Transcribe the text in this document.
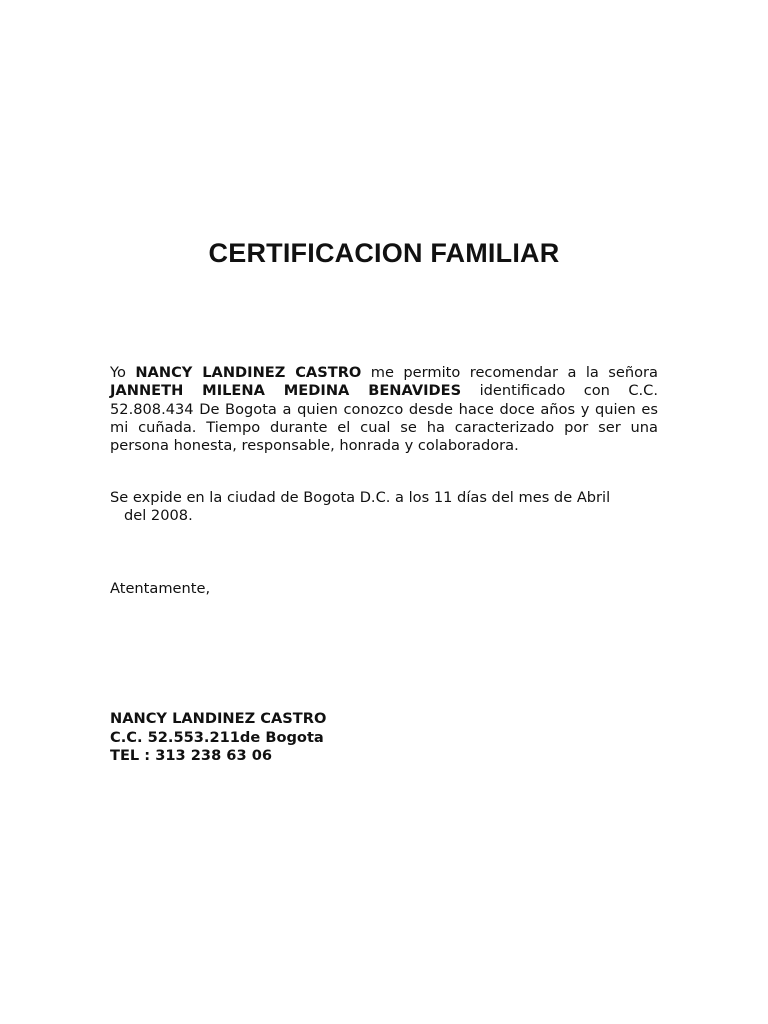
CERTIFICACION FAMILIAR

Yo NANCY LANDINEZ CASTRO me permito recomendar a la señora JANNETH MILENA MEDINA BENAVIDES identificado con C.C. 52.808.434 De Bogota a quien conozco desde hace doce años y quien es mi cuñada. Tiempo durante el cual se ha caracterizado por ser una persona honesta, responsable, honrada y colaboradora.

Se expide en la ciudad de Bogota D.C. a los 11 días del mes de Abril
del 2008.

Atentamente,

NANCY LANDINEZ CASTRO
C.C. 52.553.211de Bogota
TEL : 313 238 63 06
